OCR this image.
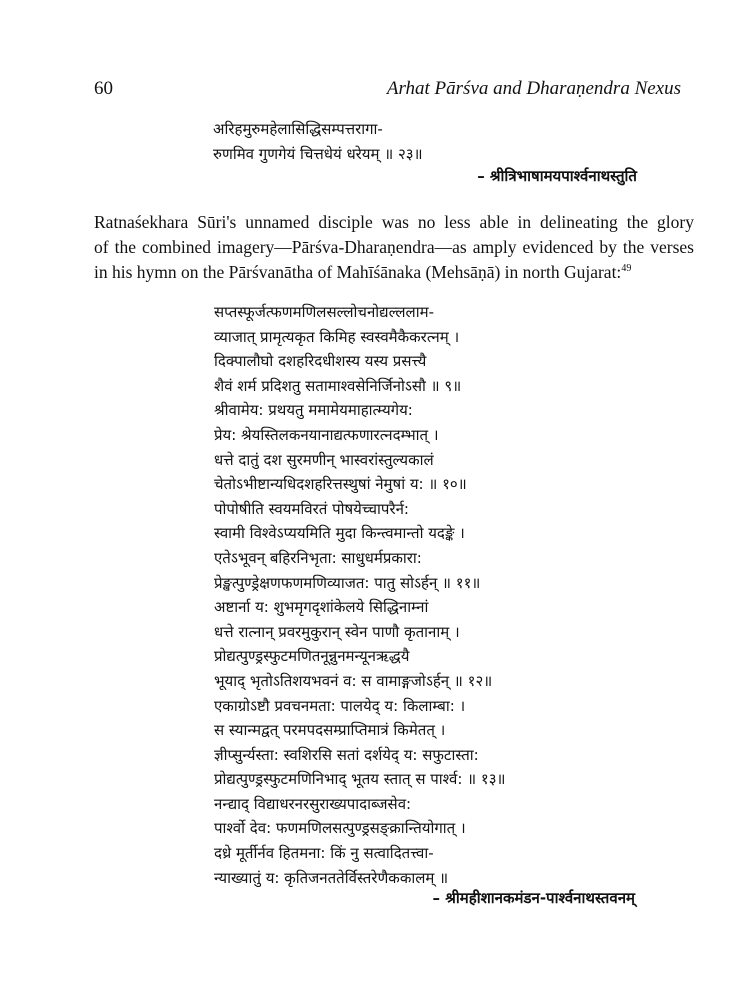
60	Arhat Pārśva and Dharaṇendra Nexus
अरिहमुरुमहेलासिद्धिसम्पत्तरागा-
रुणमिव गुणगेयं चित्तधेयं धरेयम् ॥ २३॥
– श्रीत्रिभाषामयपार्श्वनाथस्तुति
Ratnaśekhara Sūri's unnamed disciple was no less able in delineating the glory
of the combined imagery—Pārśva-Dharaṇendra—as amply evidenced by the verses
in his hymn on the Pārśvanātha of Mahīśānaka (Mehsāṇā) in north Gujarat:$^{49}$
सप्तस्फूर्जत्फणमणिलसल्लोचनोद्यल्ललाम-
व्याजात् प्रामृत्यकृत किमिह स्वस्वमैकैकरत्नम् ।
दिक्पालौघो दशहरिदधीशस्य यस्य प्रसत्त्यै
शैवं शर्म प्रदिशतु सतामाश्वसेनिर्जिनोऽसौ ॥ ९॥
श्रीवामेय: प्रथयतु ममामेयमाहात्म्यगेय:
प्रेय: श्रेयस्तिलकनयानाद्यत्फणारत्नदम्भात् ।
धत्ते दातुं दश सुरमणीन् भास्वरांस्तुल्यकालं
चेतोऽभीष्टान्यधिदशहरित्तस्थुषां नेमुषां य: ॥ १०॥
पोपोषीति स्वयमविरतं पोषयेच्चापरैर्न:
स्वामी विश्वेऽप्ययमिति मुदा किन्त्वमान्तो यदङ्के ।
एतेऽभूवन् बहिरनिभृता: साधुधर्मप्रकारा:
प्रेङ्खत्पुण्ड्रेक्षणफणमणिव्याजत: पातु सोऽर्हन् ॥ ११॥
अष्टार्ना य: शुभमृगदृशांकेलये सिद्धिनाम्नां
धत्ते रात्नान् प्रवरमुकुरान् स्वेन पाणौ कृतानाम् ।
प्रोद्यत्पुण्ड्रस्फुटमणितनून्नुनमन्यूनऋद्धयै
भूयाद् भृतोऽतिशयभवनं व: स वामाङ्गजोऽर्हन् ॥ १२॥
एकाग्रोऽष्टौ प्रवचनमता: पालयेद् य: किलाम्बा: ।
स स्यान्मद्वत् परमपदसम्प्राप्तिमात्रं किमेतत् ।
ज्ञीप्सुर्न्यस्ता: स्वशिरसि सतां दर्शयेद् य: सफुटास्ता:
प्रोद्यत्पुण्ड्रस्फुटमणिनिभाद् भूतय स्तात् स पार्श्व: ॥ १३॥
नन्द्याद् विद्याधरनरसुराख्यपादाब्जसेव:
पार्श्वो देव: फणमणिलसत्पुण्ड्रसङ्क्रान्तियोगात् ।
दध्रे मूर्तीर्नव हितमना: किं नु सत्वादितत्त्वा-
न्याख्यातुं य: कृतिजनततेर्विस्तरेणैककालम् ॥
– श्रीमहीशानकमंडन-पार्श्वनाथस्तवनम्
